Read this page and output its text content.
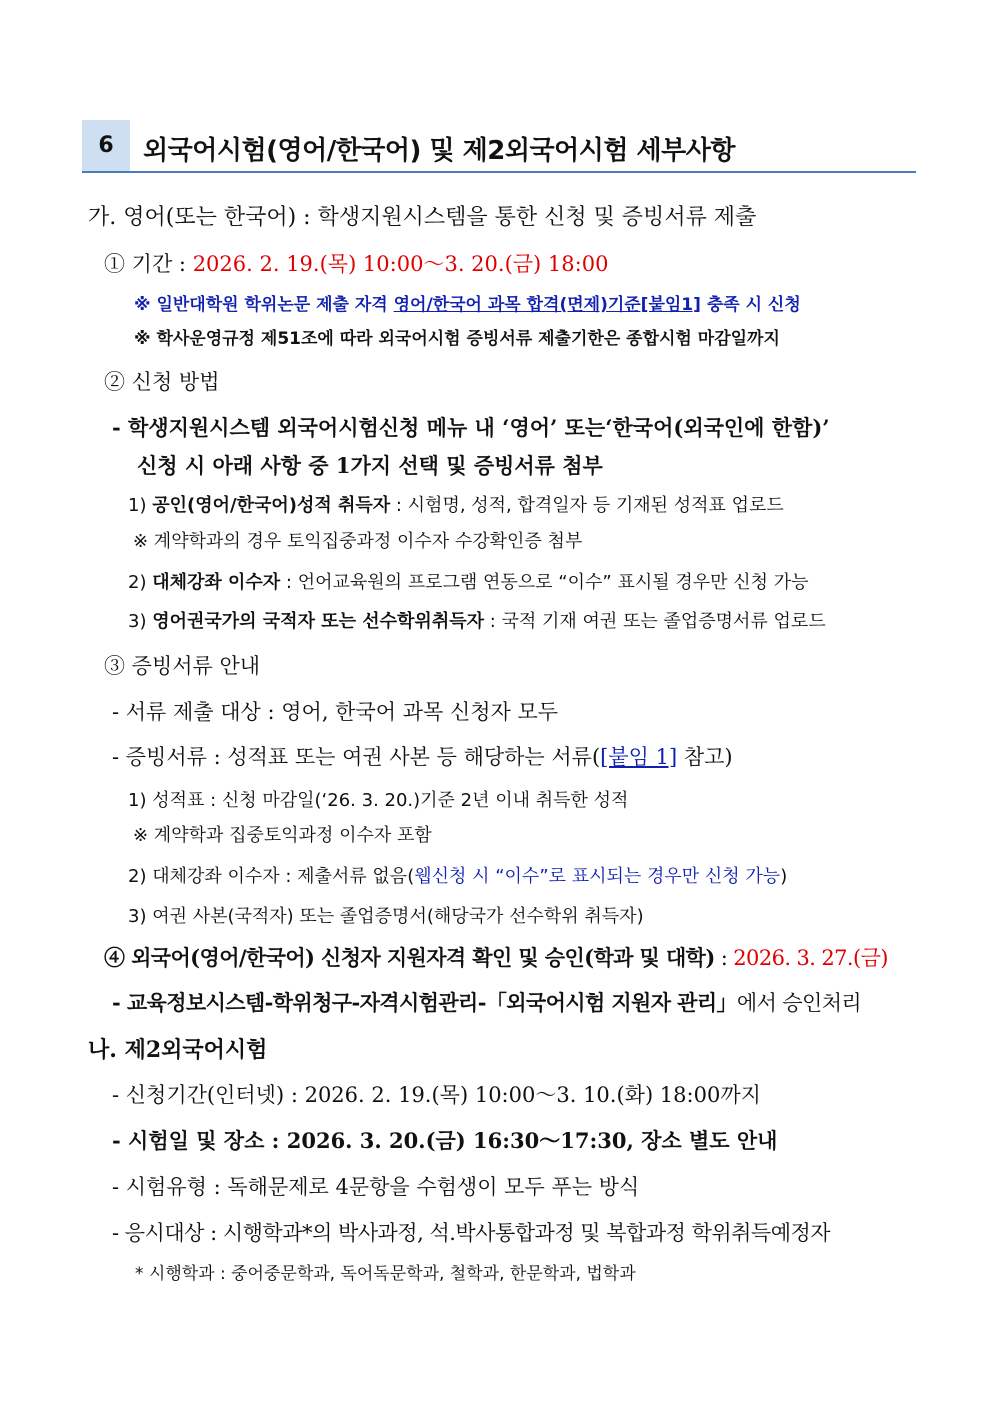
6	외국어시험(영어/한국어) 및 제2외국어시험 세부사항
가. 영어(또는 한국어) : 학생지원시스템을 통한 신청 및 증빙서류 제출
① 기간 : 2026. 2. 19.(목) 10:00～3. 20.(금) 18:00
※ 일반대학원 학위논문 제출 자격 영어/한국어 과목 합격(면제)기준[붙임1] 충족 시 신청
※ 학사운영규정 제51조에 따라 외국어시험 증빙서류 제출기한은 종합시험 마감일까지
② 신청 방법
- 학생지원시스템 외국어시험신청 메뉴 내 ‘영어’ 또는‘한국어(외국인에 한함)’
신청 시 아래 사항 중 1가지 선택 및 증빙서류 첨부
1) 공인(영어/한국어)성적 취득자 : 시험명, 성적, 합격일자 등 기재된 성적표 업로드
※ 계약학과의 경우 토익집중과정 이수자 수강확인증 첨부
2) 대체강좌 이수자 : 언어교육원의 프로그램 연동으로 “이수” 표시될 경우만 신청 가능
3) 영어권국가의 국적자 또는 선수학위취득자 : 국적 기재 여권 또는 졸업증명서류 업로드
③ 증빙서류 안내
- 서류 제출 대상 : 영어, 한국어 과목 신청자 모두
- 증빙서류 : 성적표 또는 여권 사본 등 해당하는 서류([붙임 1] 참고)
1) 성적표 : 신청 마감일(‘26. 3. 20.)기준 2년 이내 취득한 성적
※ 계약학과 집중토익과정 이수자 포함
2) 대체강좌 이수자 : 제출서류 없음(웹신청 시 “이수”로 표시되는 경우만 신청 가능)
3) 여권 사본(국적자) 또는 졸업증명서(해당국가 선수학위 취득자)
④ 외국어(영어/한국어) 신청자 지원자격 확인 및 승인(학과 및 대학) : 2026. 3. 27.(금)
- 교육정보시스템-학위청구-자격시험관리-「외국어시험 지원자 관리」에서 승인처리
나. 제2외국어시험
- 신청기간(인터넷) : 2026. 2. 19.(목) 10:00～3. 10.(화) 18:00까지
- 시험일 및 장소 : 2026. 3. 20.(금) 16:30～17:30, 장소 별도 안내
- 시험유형 : 독해문제로 4문항을 수험생이 모두 푸는 방식
- 응시대상 : 시행학과*의 박사과정, 석.박사통합과정 및 복합과정 학위취득예정자
* 시행학과 : 중어중문학과, 독어독문학과, 철학과, 한문학과, 법학과
